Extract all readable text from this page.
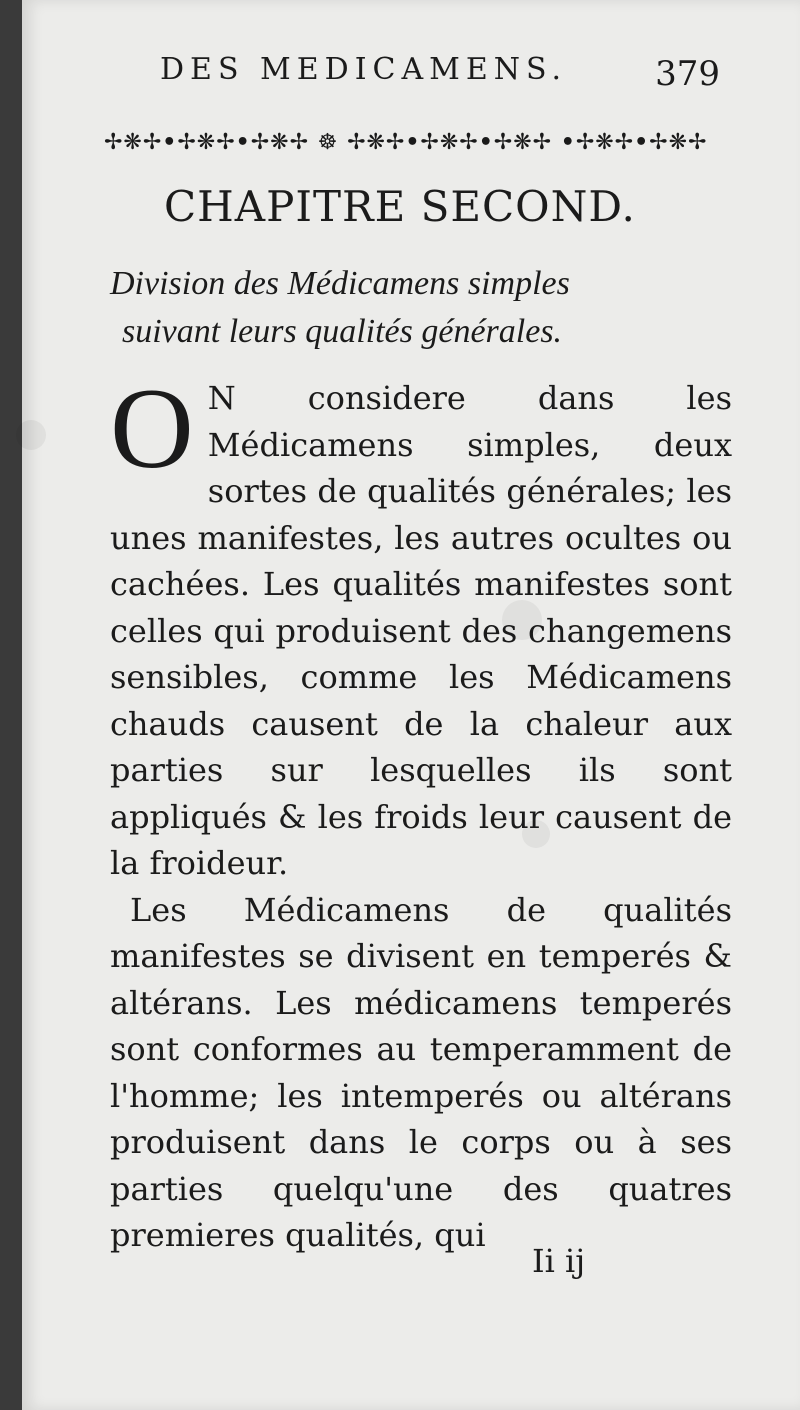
DES MEDICAMENS.	379
✢❋✢•✢❋✢•✢❋✢ ☸ ✢❋✢•✢❋✢•✢❋✢ •✢❋✢•✢❋✢
CHAPITRE SECOND.
Division des Médicamens simples
suivant leurs qualités générales.

O N considere dans les Médicamens simples, deux sortes de qualités générales; les unes manifestes, les autres ocultes ou cachées. Les qualités manifestes sont celles qui produisent des changemens sensibles, comme les Médicamens chauds causent de la chaleur aux parties sur lesquelles ils sont appliqués & les froids leur causent de la froideur.

Les Médicamens de qualités manifestes se divisent en temperés & altérans. Les médicamens temperés sont conformes au temperamment de l'homme; les intemperés ou altérans produisent dans le corps ou à ses parties quelqu'une des quatres premieres qualités, qui

Ii ij
